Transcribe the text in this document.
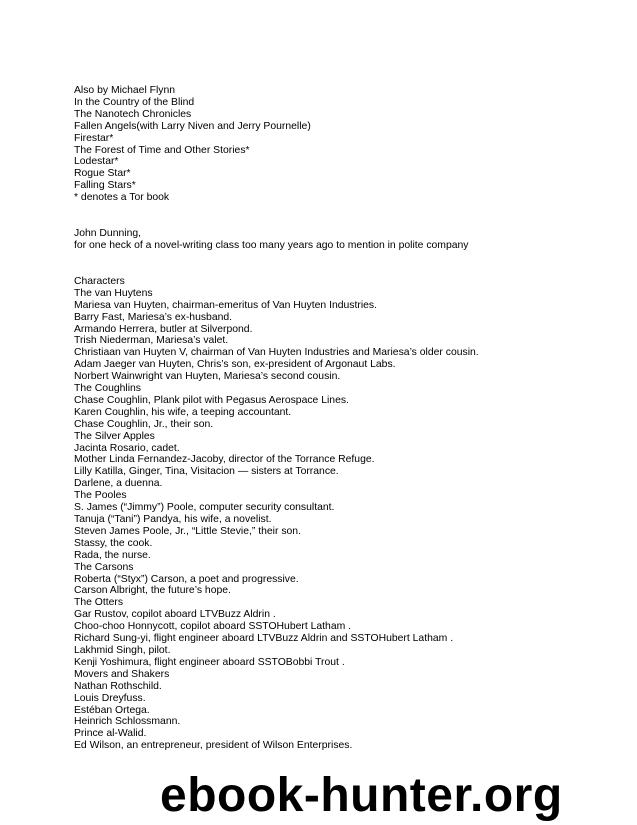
Also by Michael Flynn

In the Country of the Blind

The Nanotech Chronicles

Fallen Angels(with Larry Niven and Jerry Pournelle)

Firestar*

The Forest of Time and Other Stories*

Lodestar*

Rogue Star*

Falling Stars*

* denotes a Tor book

John Dunning,

for one heck of a novel-writing class too many years ago to mention in polite company

Characters

The van Huytens

Mariesa van Huyten, chairman-emeritus of Van Huyten Industries.

Barry Fast, Mariesa’s ex-husband.

Armando Herrera, butler at Silverpond.

Trish Niederman, Mariesa’s valet.

Christiaan van Huyten V, chairman of Van Huyten Industries and Mariesa’s older cousin.

Adam Jaeger van Huyten, Chris’s son, ex-president of Argonaut Labs.

Norbert Wainwright van Huyten, Mariesa’s second cousin.

The Coughlins

Chase Coughlin, Plank pilot with Pegasus Aerospace Lines.

Karen Coughlin, his wife, a teeping accountant.

Chase Coughlin, Jr., their son.

The Silver Apples

Jacinta Rosario, cadet.

Mother Linda Fernandez-Jacoby, director of the Torrance Refuge.

Lilly Katilla, Ginger, Tina, Visitacion — sisters at Torrance.

Darlene, a duenna.

The Pooles

S. James (“Jimmy”) Poole, computer security consultant.

Tanuja (“Tani”) Pandya, his wife, a novelist.

Steven James Poole, Jr., “Little Stevie,” their son.

Stassy, the cook.

Rada, the nurse.

The Carsons

Roberta (“Styx”) Carson, a poet and progressive.

Carson Albright, the future’s hope.

The Otters

Gar Rustov, copilot aboard LTVBuzz Aldrin .

Choo-choo Honnycott, copilot aboard SSTOHubert Latham .

Richard Sung-yi, flight engineer aboard LTVBuzz Aldrin and SSTOHubert Latham .

Lakhmid Singh, pilot.

Kenji Yoshimura, flight engineer aboard SSTOBobbi Trout .

Movers and Shakers

Nathan Rothschild.

Louis Dreyfuss.

Estéban Ortega.

Heinrich Schlossmann.

Prince al-Walid.

Ed Wilson, an entrepreneur, president of Wilson Enterprises.

ebook-hunter.org
